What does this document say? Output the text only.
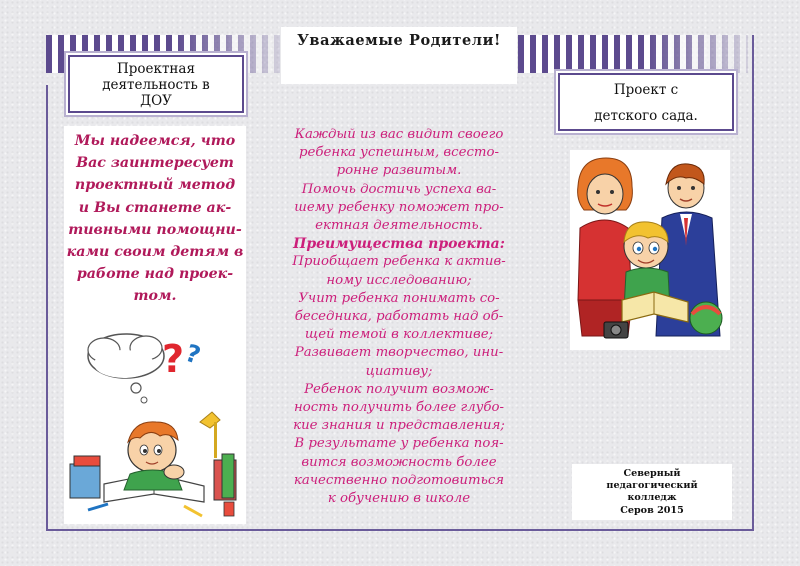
Уважаемые Родители!
Проектная
деятельность в
ДОУ
Проект с
детского сада.

Мы надеемся, что

Вас заинтересует

проектный метод

и Вы станете ак-

тивными помощни-

ками своим детям в

работе над проек-

том.

?
?

Каждый из вас видит своего

ребенка успешным, всесто-

ронне развитым.

Помочь достичь успеха ва-

шему ребенку поможет про-

ектная деятельность.

Преимущества проекта:

Приобщает ребенка к актив-

ному исследованию;

Учит ребенка понимать со-

беседника, работать над об-

щей темой в коллективе;

Развивает творчество, ини-

циативу;

Ребенок получит возмож-

ность получить более глубо-

кие знания и представления;

В результате у ребенка поя-

вится возможность более

качественно подготовиться

к обучению в школе

Северный
педагогический
колледж
Серов 2015
